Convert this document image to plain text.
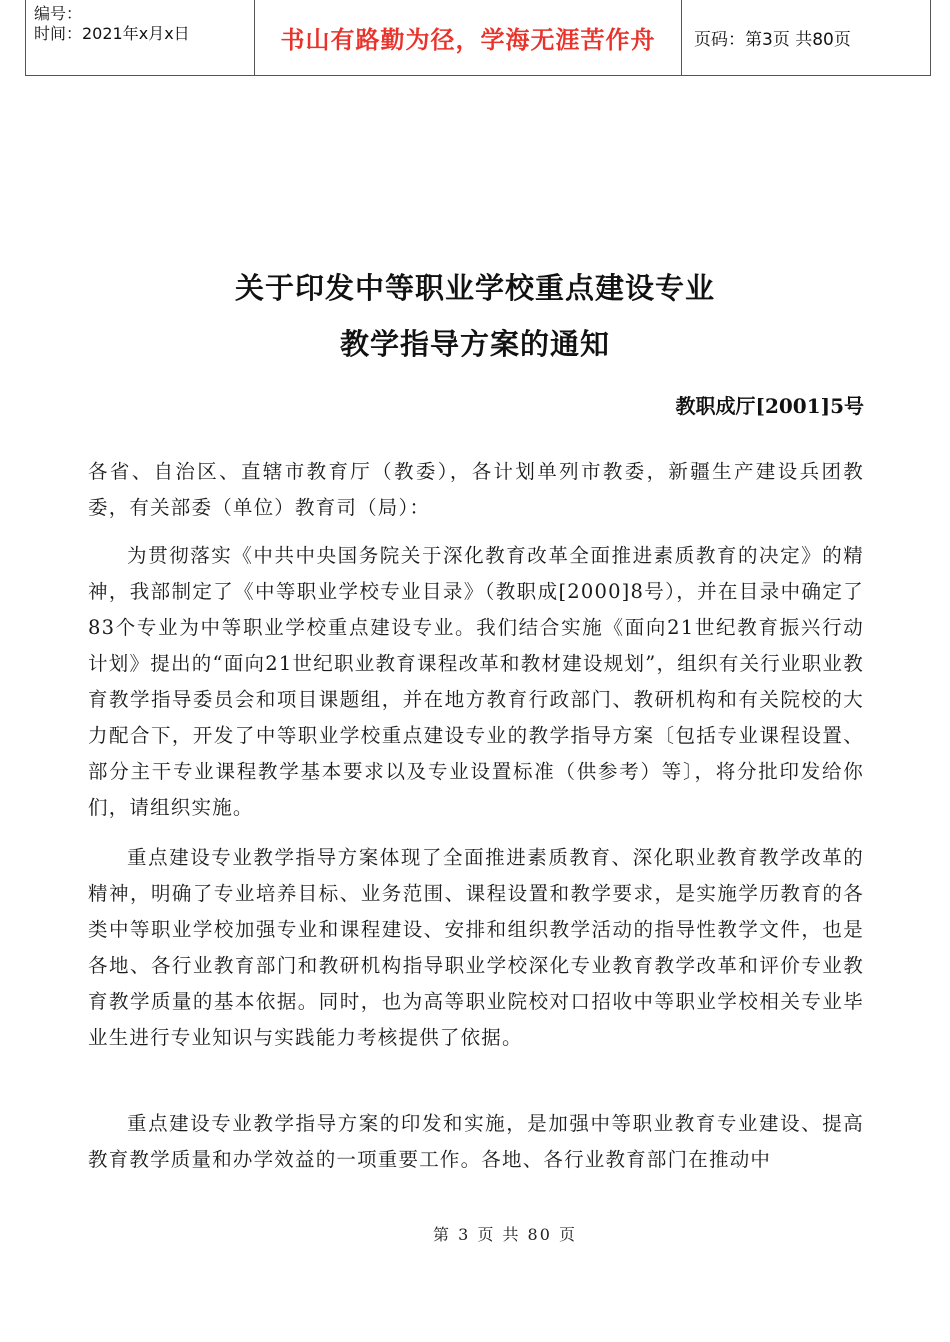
编号：
时间：2021年x月x日	书山有路勤为径，学海无涯苦作舟	页码：第3页 共80页
关于印发中等职业学校重点建设专业
教学指导方案的通知
教职成厅[2001]5号

各省、自治区、直辖市教育厅（教委），各计划单列市教委，新疆生产建设兵团教委，有关部委（单位）教育司（局）：

为贯彻落实《中共中央国务院关于深化教育改革全面推进素质教育的决定》的精神，我部制定了《中等职业学校专业目录》（教职成[2000]8号），并在目录中确定了83个专业为中等职业学校重点建设专业。我们结合实施《面向21世纪教育振兴行动计划》提出的“面向21世纪职业教育课程改革和教材建设规划”，组织有关行业职业教育教学指导委员会和项目课题组，并在地方教育行政部门、教研机构和有关院校的大力配合下，开发了中等职业学校重点建设专业的教学指导方案〔包括专业课程设置、部分主干专业课程教学基本要求以及专业设置标准（供参考）等〕，将分批印发给你们，请组织实施。

重点建设专业教学指导方案体现了全面推进素质教育、深化职业教育教学改革的精神，明确了专业培养目标、业务范围、课程设置和教学要求，是实施学历教育的各类中等职业学校加强专业和课程建设、安排和组织教学活动的指导性教学文件，也是各地、各行业教育部门和教研机构指导职业学校深化专业教育教学改革和评价专业教育教学质量的基本依据。同时，也为高等职业院校对口招收中等职业学校相关专业毕业生进行专业知识与实践能力考核提供了依据。

重点建设专业教学指导方案的印发和实施，是加强中等职业教育专业建设、提高教育教学质量和办学效益的一项重要工作。各地、各行业教育部门在推动中

第 3 页 共 80 页
